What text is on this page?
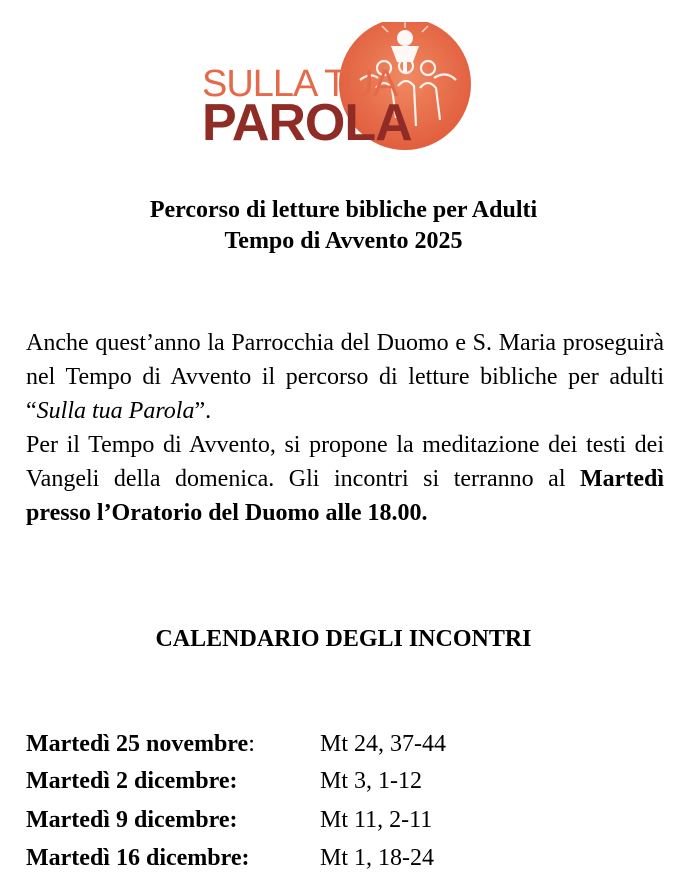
SULLA TUA
PAROLA
Percorso di letture bibliche per Adulti
Tempo di Avvento 2025
Anche quest’anno la Parrocchia del Duomo e S. Maria proseguirà nel Tempo di Avvento il percorso di letture bibliche per adulti “Sulla tua Parola”.
Per il Tempo di Avvento, si propone la meditazione dei testi dei Vangeli della domenica. Gli incontri si terranno al Martedì presso l’Oratorio del Duomo alle 18.00.
CALENDARIO DEGLI INCONTRI
Martedì 25 novembre:	Mt 24, 37-44
Martedì 2 dicembre:	Mt 3, 1-12
Martedì 9 dicembre:	Mt 11, 2-11
Martedì 16 dicembre:	Mt 1, 18-24
